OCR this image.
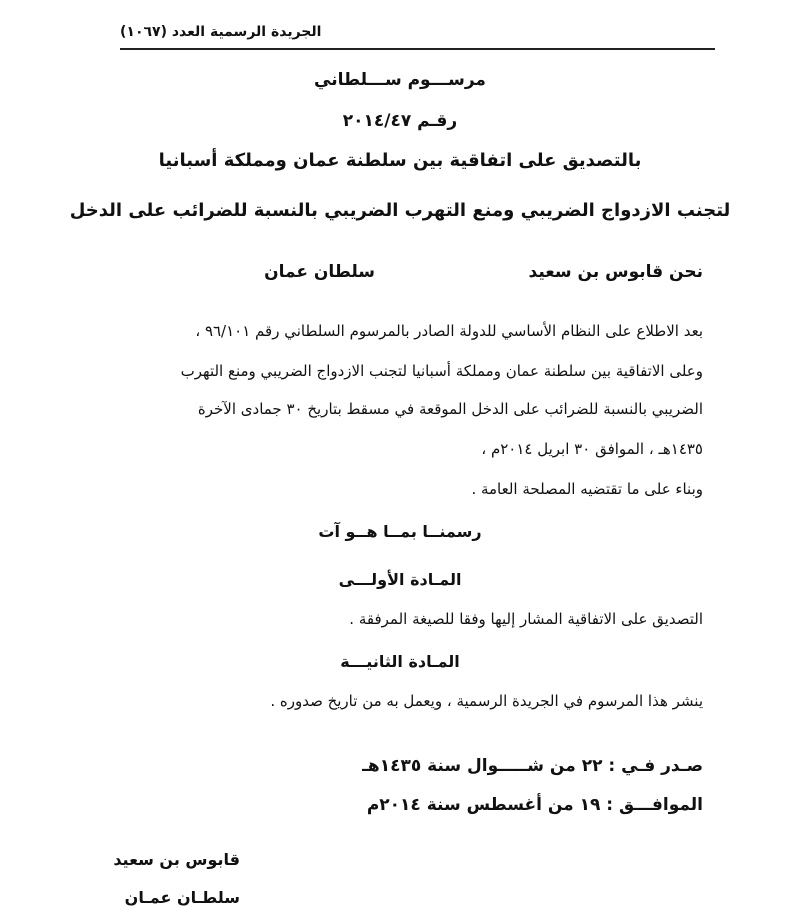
الجريدة الرسمية العدد (١٠٦٧)
مرســـوم ســـلطاني
رقـم ٢٠١٤/٤٧
بالتصديق على اتفاقية بين سلطنة عمان ومملكة أسبانيا
لتجنب الازدواج الضريبي ومنع التهرب الضريبي بالنسبة للضرائب على الدخل
نحن قابوس بن سعيد
سلطان عمان
بعد الاطلاع على النظام الأساسي للدولة الصادر بالمرسوم السلطاني رقم ٩٦/١٠١ ،
وعلى الاتفاقية بين سلطنة عمان ومملكة أسبانيا لتجنب الازدواج الضريبي ومنع التهرب
الضريبي بالنسبة للضرائب على الدخل الموقعة في مسقط بتاريخ ٣٠ جمادى الآخرة
١٤٣٥هـ ، الموافق ٣٠ ابريل ٢٠١٤م ،
وبناء على ما تقتضيه المصلحة العامة .
رسمنــا بمــا هــو آت
المـادة الأولـــى
التصديق على الاتفاقية المشار إليها وفقا للصيغة المرفقة .
المـادة الثانيـــة
ينشر هذا المرسوم في الجريدة الرسمية ، ويعمل به من تاريخ صدوره .
صـدر فـي : ٢٢ من شـــــوال سنة ١٤٣٥هـ
الموافـــق : ١٩ من أغسطس سنة ٢٠١٤م
قابوس بن سعيد
سلطـان عمـان
